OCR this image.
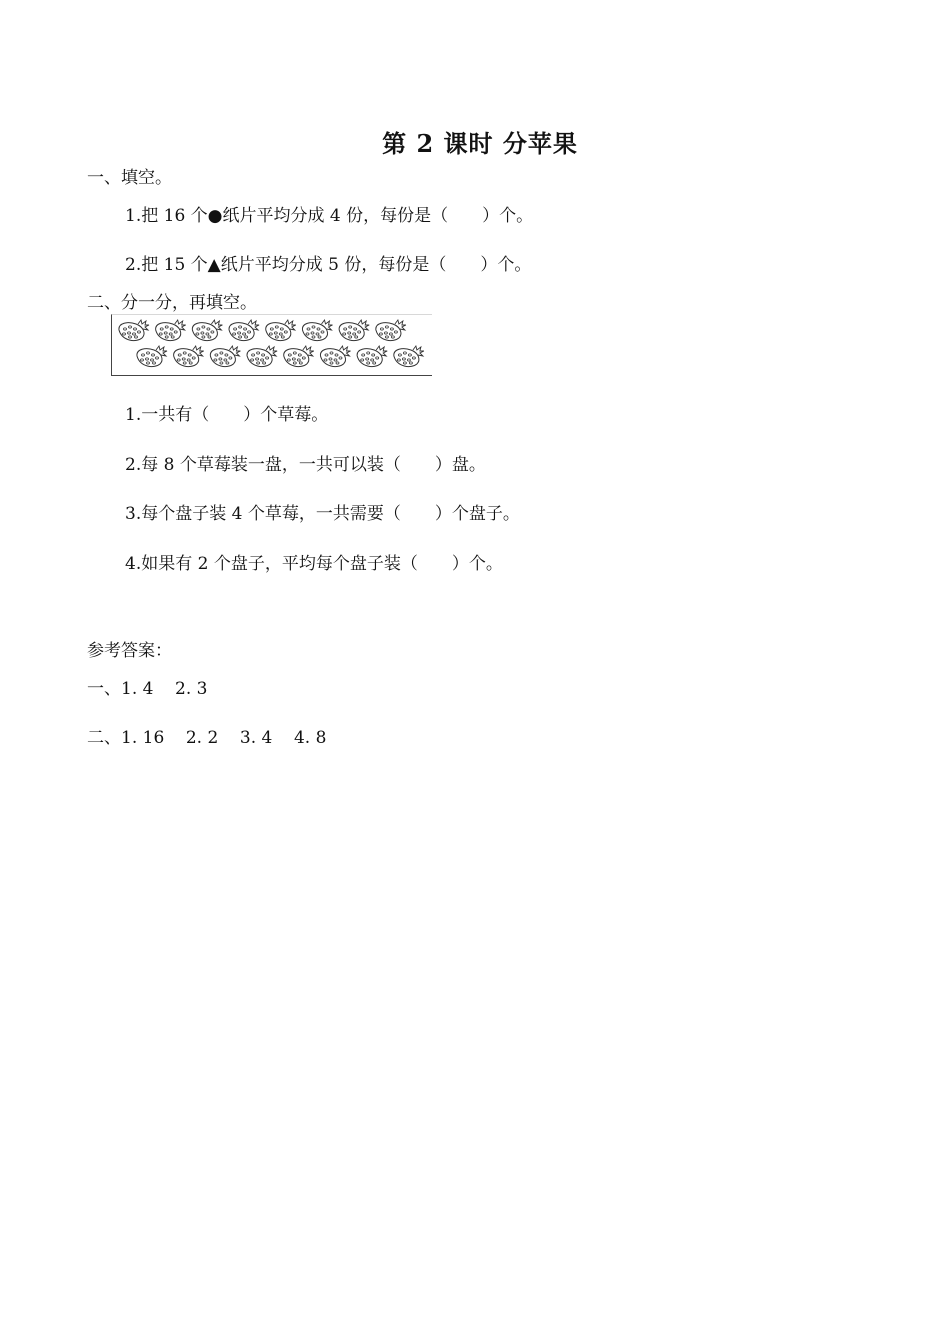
第 2 课时 分苹果
一、填空。
1.把 16 个●纸片平均分成 4 份，每份是（　　）个。
2.把 15 个▲纸片平均分成 5 份，每份是（　　）个。
二、分一分，再填空。
1.一共有（　　）个草莓。
2.每 8 个草莓装一盘，一共可以装（　　）盘。
3.每个盘子装 4 个草莓，一共需要（　　）个盘子。
4.如果有 2 个盘子，平均每个盘子装（　　）个。
参考答案：
一、1. 4    2. 3
二、1. 16    2. 2    3. 4    4. 8
